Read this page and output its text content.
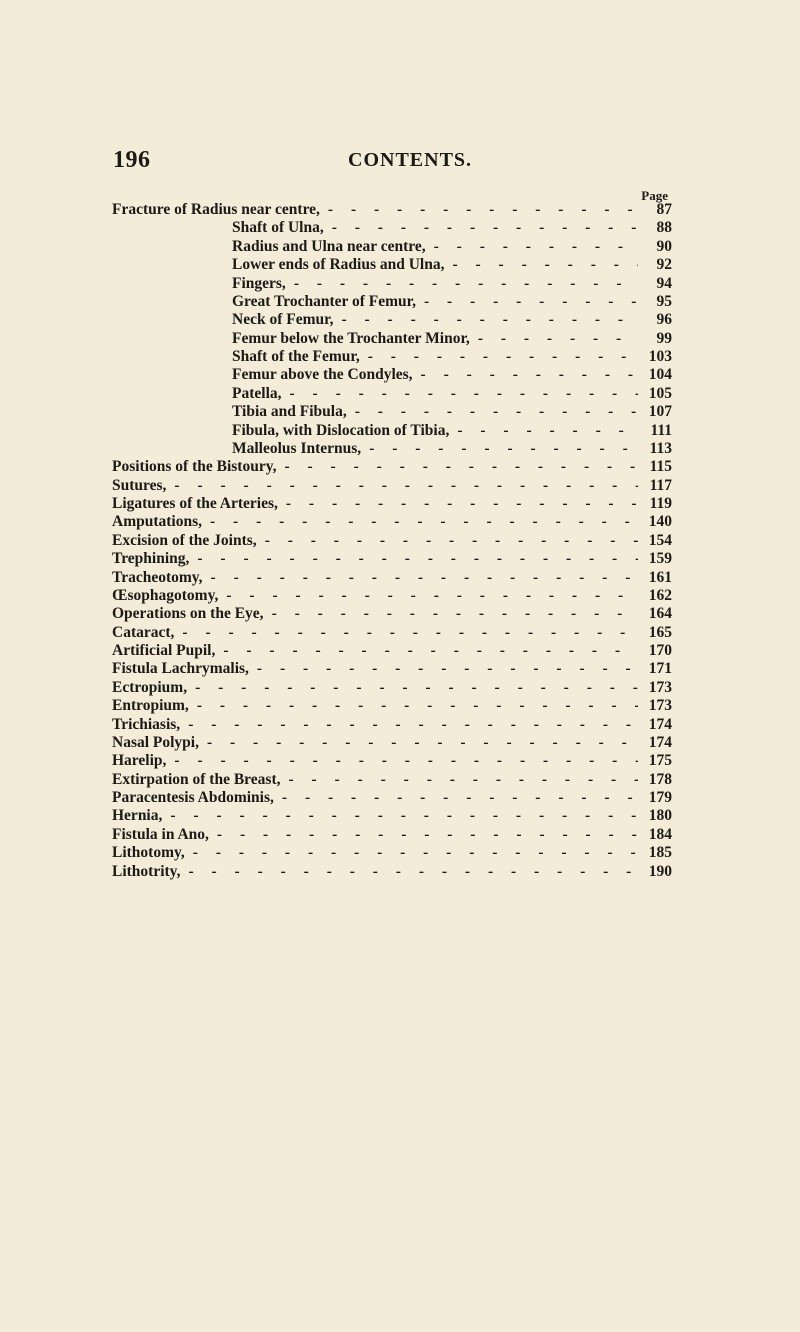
196	CONTENTS.
Page
Fracture of Radius near centre, - - -	87
Shaft of Ulna, - - -	88
Radius and Ulna near centre, - - -	90
Lower ends of Radius and Ulna, - - -	92
Fingers, - - -	94
Great Trochanter of Femur, - - -	95
Neck of Femur, - - -	96
Femur below the Trochanter Minor, - - -	99
Shaft of the Femur, - - -	103
Femur above the Condyles, - - -	104
Patella, - - -	105
Tibia and Fibula, - - -	107
Fibula, with Dislocation of Tibia, - - -	111
Malleolus Internus, - - -	113
Positions of the Bistoury, - - -	115
Sutures, - - -	117
Ligatures of the Arteries, - - -	119
Amputations, - - -	140
Excision of the Joints, - - -	154
Trephining, - - -	159
Tracheotomy, - - -	161
Œsophagotomy, - - -	162
Operations on the Eye, - - -	164
Cataract, - - -	165
Artificial Pupil, - - -	170
Fistula Lachrymalis, - - -	171
Ectropium, - - -	173
Entropium, - - -	173
Trichiasis, - - -	174
Nasal Polypi, - - -	174
Harelip, - - -	175
Extirpation of the Breast, - - -	178
Paracentesis Abdominis, - - -	179
Hernia, - - -	180
Fistula in Ano, - - -	184
Lithotomy, - - -	185
Lithotrity, - - -	190
